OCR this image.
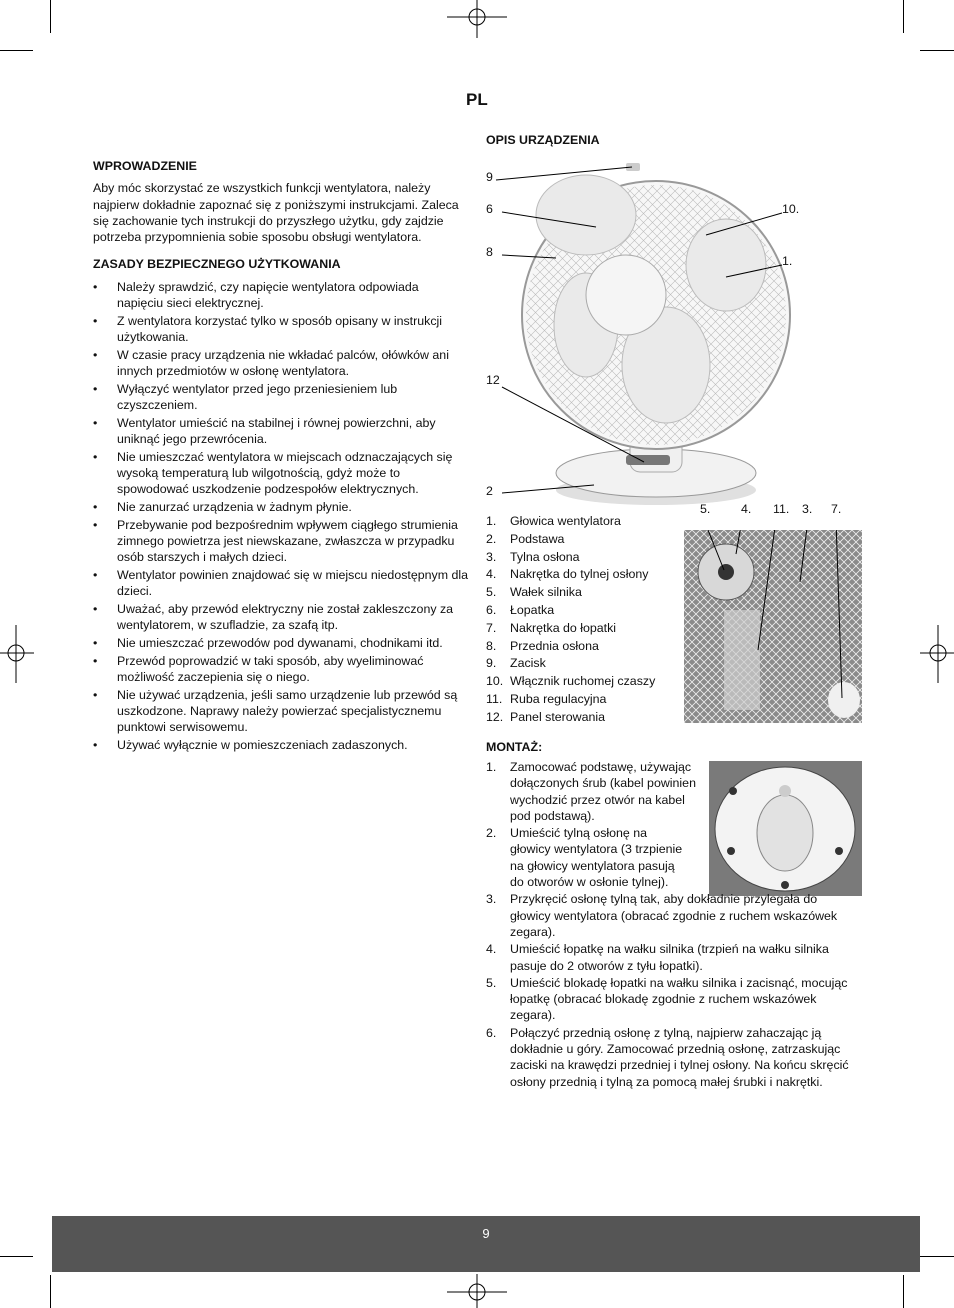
PL
WPROWADZENIE

Aby móc skorzystać ze wszystkich funkcji wentylatora, należy najpierw dokładnie zapoznać się z poniższymi instrukcjami. Zaleca się zachowanie tych instrukcji do przyszłego użytku, gdy zajdzie potrzeba przypomnienia sobie sposobu obsługi wentylatora.

ZASADY BEZPIECZNEGO UŻYTKOWANIA
• Należy sprawdzić, czy napięcie wentylatora odpowiada napięciu sieci elektrycznej.
• Z wentylatora korzystać tylko w sposób opisany w instrukcji użytkowania.
• W czasie pracy urządzenia nie wkładać palców, ołówków ani innych przedmiotów w osłonę wentylatora.
• Wyłączyć wentylator przed jego przeniesieniem lub czyszczeniem.
• Wentylator umieścić na stabilnej i równej powierzchni, aby uniknąć jego przewrócenia.
• Nie umieszczać wentylatora w miejscach odznaczających się wysoką temperaturą lub wilgotnością, gdyż może to spowodować uszkodzenie podzespołów elektrycznych.
• Nie zanurzać urządzenia w żadnym płynie.
• Przebywanie pod bezpośrednim wpływem ciągłego strumienia zimnego powietrza jest niewskazane, zwłaszcza w przypadku osób starszych i małych dzieci.
• Wentylator powinien znajdować się w miejscu niedostępnym dla dzieci.
• Uważać, aby przewód elektryczny nie został zakleszczony za wentylatorem, w szufladzie, za szafą itp.
• Nie umieszczać przewodów pod dywanami, chodnikami itd.
• Przewód poprowadzić w taki sposób, aby wyeliminować możliwość zaczepienia się o niego.
• Nie używać urządzenia, jeśli samo urządzenie lub przewód są uszkodzone. Naprawy należy powierzać specjalistycznemu punktowi serwisowemu.
• Używać wyłącznie w pomieszczeniach zadaszonych.
OPIS URZĄDZENIA
9
6
8
12
2
10.
1.
1. Głowica wentylatora
2. Podstawa
3. Tylna osłona
4. Nakrętka do tylnej osłony
5. Wałek silnika
6. Łopatka
7. Nakrętka do łopatki
8. Przednia osłona
9. Zacisk
10. Włącznik ruchomej czaszy
11. Ruba regulacyjna
12. Panel sterowania
5. 4. 11. 3. 7.
MONTAŻ:
1. Zamocować podstawę, używając dołączonych śrub (kabel powinien wychodzić przez otwór na kabel pod podstawą).
2. Umieścić tylną osłonę na głowicy wentylatora (3 trzpienie na głowicy wentylatora pasują do otworów w osłonie tylnej).
3. Przykręcić osłonę tylną tak, aby dokładnie przylegała do głowicy wentylatora (obracać zgodnie z ruchem wskazówek zegara).
4. Umieścić łopatkę na wałku silnika (trzpień na wałku silnika pasuje do 2 otworów z tyłu łopatki).
5. Umieścić blokadę łopatki na wałku silnika i zacisnąć, mocując łopatkę (obracać blokadę zgodnie z ruchem wskazówek zegara).
6. Połączyć przednią osłonę z tylną, najpierw zahaczając ją dokładnie u góry. Zamocować przednią osłonę, zatrzaskując zaciski na krawędzi przedniej i tylnej osłony. Na końcu skręcić osłony przednią i tylną za pomocą małej śrubki i nakrętki.
9
